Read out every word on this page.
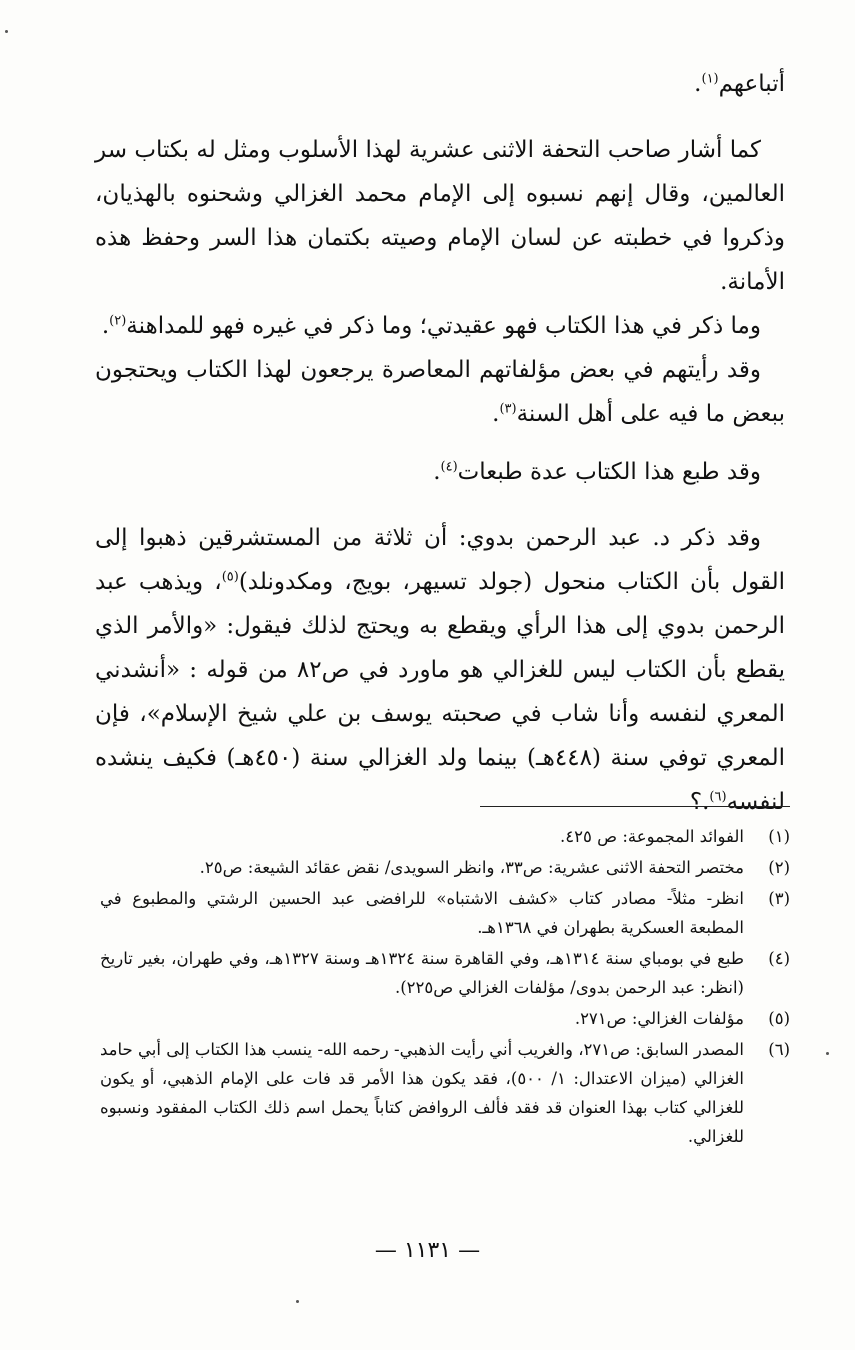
أتباعهم$^{(١)}$.

كما أشار صاحب التحفة الاثنى عشرية لهذا الأسلوب ومثل له بكتاب سر العالمين، وقال إنهم نسبوه إلى الإمام محمد الغزالي وشحنوه بالهذيان، وذكروا في خطبته عن لسان الإمام وصيته بكتمان هذا السر وحفظ هذه الأمانة.

وما ذكر في هذا الكتاب فهو عقيدتي؛ وما ذكر في غيره فهو للمداهنة$^{(٢)}$.

وقد رأيتهم في بعض مؤلفاتهم المعاصرة يرجعون لهذا الكتاب ويحتجون ببعض ما فيه على أهل السنة$^{(٣)}$.

وقد طبع هذا الكتاب عدة طبعات$^{(٤)}$.

وقد ذكر د. عبد الرحمن بدوي: أن ثلاثة من المستشرقين ذهبوا إلى القول بأن الكتاب منحول (جولد تسيهر، بويج، ومكدونلد)$^{(٥)}$، ويذهب عبد الرحمن بدوي إلى هذا الرأي ويقطع به ويحتج لذلك فيقول: «والأمر الذي يقطع بأن الكتاب ليس للغزالي هو ماورد في ص٨٢ من قوله : «أنشدني المعري لنفسه وأنا شاب في صحبته يوسف بن علي شيخ الإسلام»، فإن المعري توفي سنة (٤٤٨هـ) بينما ولد الغزالي سنة (٤٥٠هـ) فكيف ينشده لنفسه$^{(٦)}$.؟

(١)
الفوائد المجموعة: ص ٤٢٥.
(٢)
مختصر التحفة الاثنى عشرية: ص٣٣، وانظر السويدى/ نقض عقائد الشيعة: ص٢٥.
(٣)
انظر- مثلاً- مصادر كتاب «كشف الاشتباه» للرافضى عبد الحسين الرشتي والمطبوع في المطبعة العسكرية بطهران في ١٣٦٨هـ.
(٤)
طبع في بومباي سنة ١٣١٤هـ، وفي القاهرة سنة ١٣٢٤هـ وسنة ١٣٢٧هـ، وفي طهران، بغير تاريخ (انظر: عبد الرحمن بدوى/ مؤلفات الغزالي ص٢٢٥).
(٥)
مؤلفات الغزالي: ص٢٧١.
(٦)
المصدر السابق: ص٢٧١، والغريب أني رأيت الذهبي- رحمه الله- ينسب هذا الكتاب إلى أبي حامد الغزالي (ميزان الاعتدال: ١/ ٥٠٠)، فقد يكون هذا الأمر قد فات على الإمام الذهبي، أو يكون للغزالي كتاب بهذا العنوان قد فقد فألف الروافض كتاباً يحمل اسم ذلك الكتاب المفقود ونسبوه للغزالي.
— ١١٣١ —
